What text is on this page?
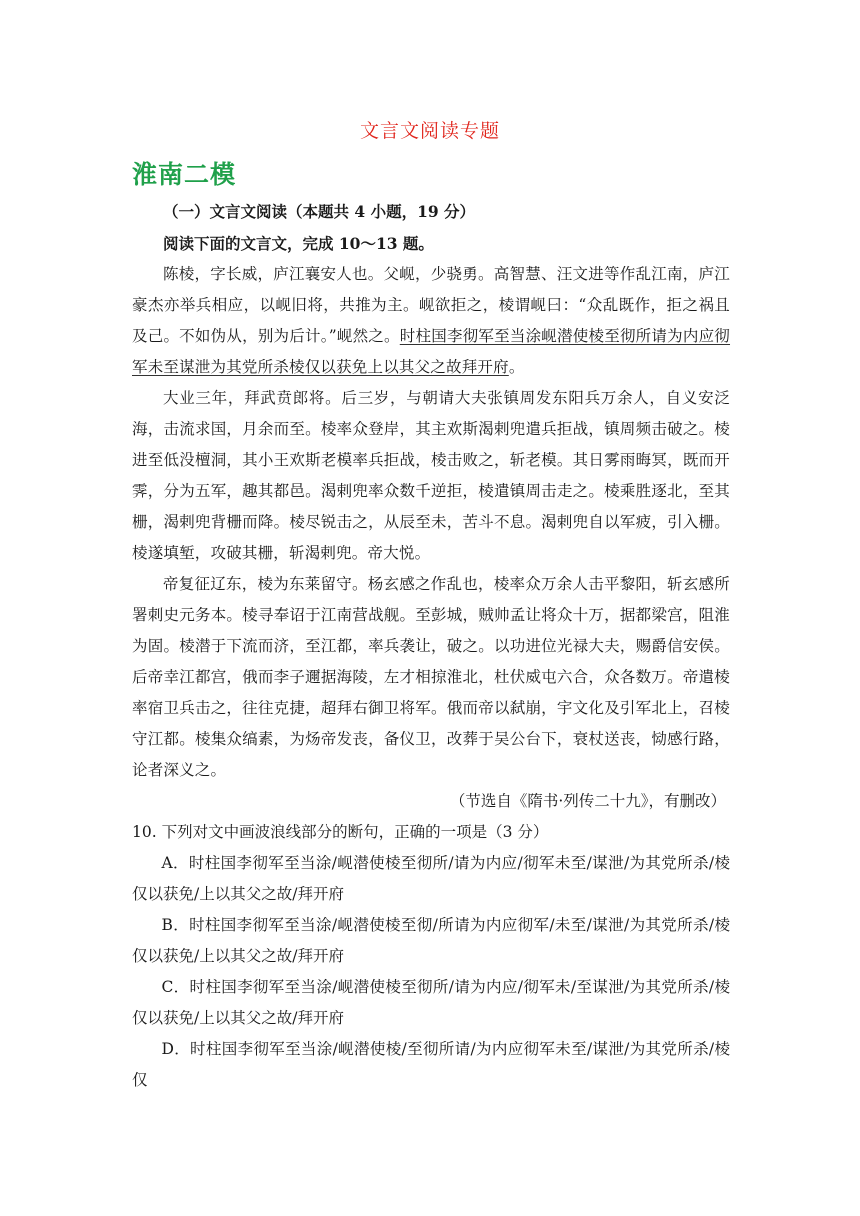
文言文阅读专题
淮南二模

（一）文言文阅读（本题共 4 小题，19 分）

阅读下面的文言文，完成 10～13 题。

陈棱，字长威，庐江襄安人也。父岘，少骁勇。高智慧、汪文进等作乱江南，庐江豪杰亦举兵相应，以岘旧将，共推为主。岘欲拒之，棱谓岘曰：“众乱既作，拒之祸且及己。不如伪从，别为后计。”岘然之。时柱国李彻军至当涂岘潜使棱至彻所请为内应彻军未至谋泄为其党所杀棱仅以获免上以其父之故拜开府。

大业三年，拜武贲郎将。后三岁，与朝请大夫张镇周发东阳兵万余人，自义安泛海，击流求国，月余而至。棱率众登岸，其主欢斯渴剌兜遣兵拒战，镇周频击破之。棱进至低没檀洞，其小王欢斯老模率兵拒战，棱击败之，斩老模。其日雾雨晦冥，既而开霁，分为五军，趣其都邑。渴剌兜率众数千逆拒，棱遣镇周击走之。棱乘胜逐北，至其栅，渴剌兜背栅而降。棱尽锐击之，从辰至未，苦斗不息。渴剌兜自以军疲，引入栅。棱遂填堑，攻破其栅，斩渴剌兜。帝大悦。

帝复征辽东，棱为东莱留守。杨玄感之作乱也，棱率众万余人击平黎阳，斩玄感所署刺史元务本。棱寻奉诏于江南营战舰。至彭城，贼帅孟让将众十万，据都梁宫，阻淮为固。棱潜于下流而济，至江都，率兵袭让，破之。以功进位光禄大夫，赐爵信安侯。后帝幸江都宫，俄而李子邇据海陵，左才相掠淮北，杜伏威屯六合，众各数万。帝遣棱率宿卫兵击之，往往克捷，超拜右御卫将军。俄而帝以弑崩，宇文化及引军北上，召棱守江都。棱集众缟素，为炀帝发丧，备仪卫，改葬于吴公台下，衰杖送丧，恸感行路，论者深义之。

（节选自《隋书·列传二十九》，有删改）

10. 下列对文中画波浪线部分的断句，正确的一项是（3 分）

A．时柱国李彻军至当涂/岘潜使棱至彻所/请为内应/彻军未至/谋泄/为其党所杀/棱仅以获免/上以其父之故/拜开府

B．时柱国李彻军至当涂/岘潜使棱至彻/所请为内应彻军/未至/谋泄/为其党所杀/棱仅以获免/上以其父之故/拜开府

C．时柱国李彻军至当涂/岘潜使棱至彻所/请为内应/彻军未/至谋泄/为其党所杀/棱仅以获免/上以其父之故/拜开府

D．时柱国李彻军至当涂/岘潜使棱/至彻所请/为内应彻军未至/谋泄/为其党所杀/棱仅
